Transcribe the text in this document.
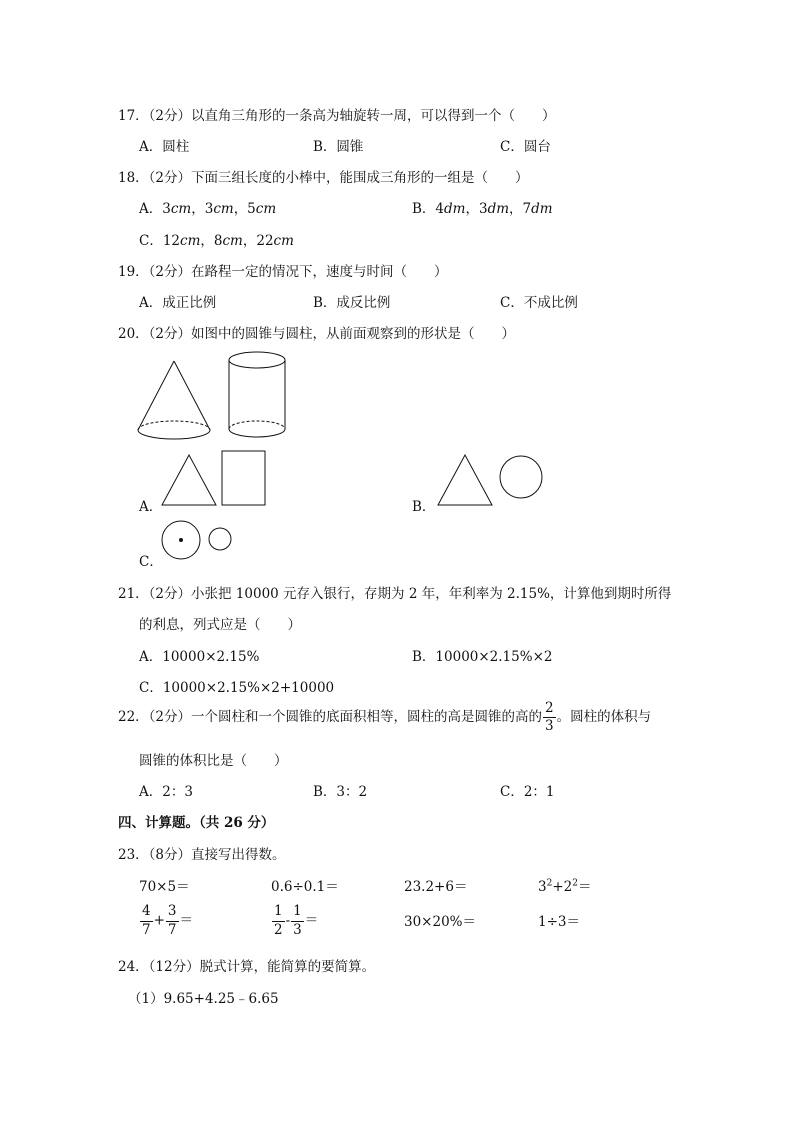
17．（2分）以直角三角形的一条高为轴旋转一周，可以得到一个（　　）
A．圆柱	B．圆锥	C．圆台
18．（2分）下面三组长度的小棒中，能围成三角形的一组是（　　）
A．3cm，3cm，5cm	B．4dm，3dm，7dm
C．12cm，8cm，22cm
19．（2分）在路程一定的情况下，速度与时间（　　）
A．成正比例	B．成反比例	C．不成比例
20．（2分）如图中的圆锥与圆柱，从前面观察到的形状是（　　）
A．	B．
C．
21．（2分）小张把 10000 元存入银行，存期为 2 年，年利率为 2.15%，计算他到期时所得
的利息，列式应是（　　）
A．10000×2.15%	B．10000×2.15%×2
C．10000×2.15%×2+10000
22．（2分）一个圆柱和一个圆锥的底面积相等，圆柱的高是圆锥的高的 $\frac{2}{3}$ 。圆柱的体积与
圆锥的体积比是（　　）
A．2：3	B．3：2	C．2：1
四、计算题。（共 26 分）
23．（8分）直接写出得数。
70×5＝	0.6÷0.1＝	23.2+6＝	$3^2+2^2=$
$\frac{4}{7} + \frac{3}{7}$ ＝	$\frac{1}{2} - \frac{1}{3}$ ＝	30×20%＝	1÷3＝
24．（12分）脱式计算，能简算的要简算。
（1）9.65+4.25﹣6.65
